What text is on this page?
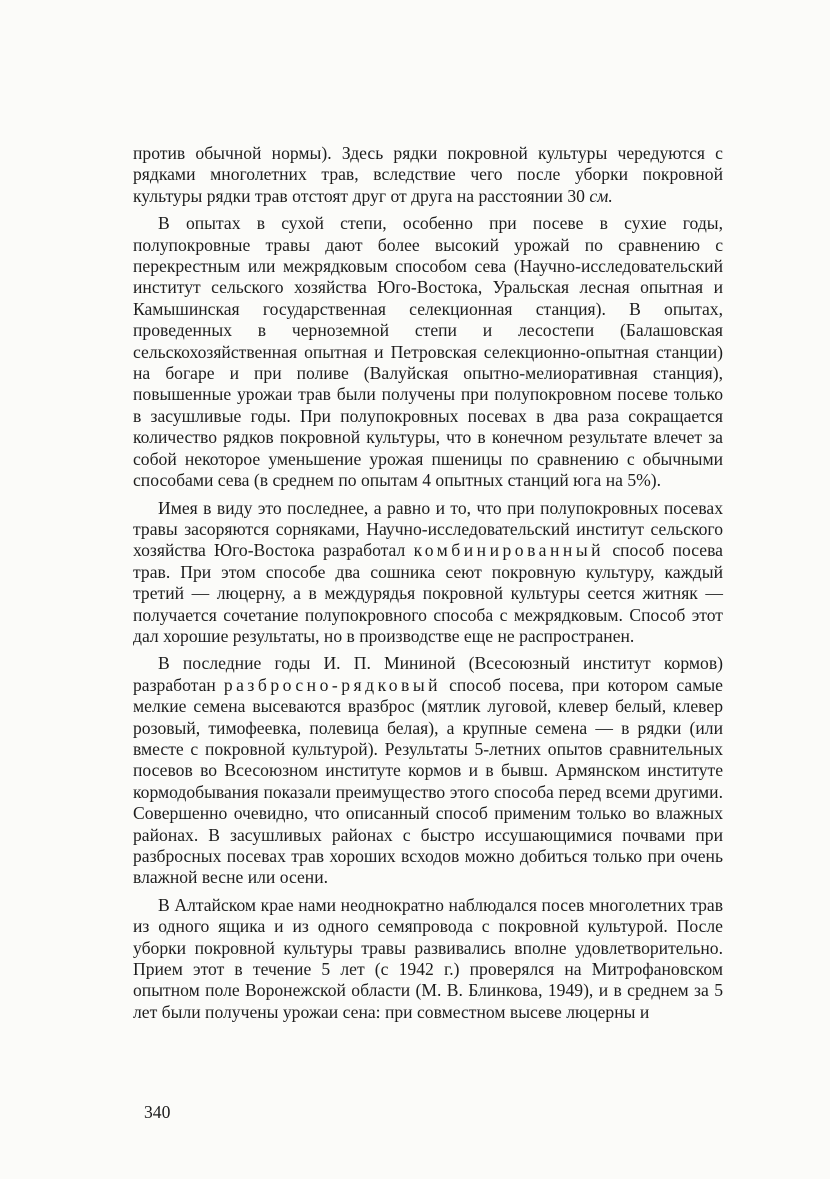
против обычной нормы). Здесь рядки покровной культуры чередуются с рядками многолетних трав, вследствие чего после уборки покровной культуры рядки трав отстоят друг от друга на расстоянии 30 см.

В опытах в сухой степи, особенно при посеве в сухие годы, полупокровные травы дают более высокий урожай по сравнению с перекрестным или межрядковым способом сева (Научно-исследовательский институт сельского хозяйства Юго-Востока, Уральская лесная опытная и Камышинская государственная селекционная станция). В опытах, проведенных в черноземной степи и лесостепи (Балашовская сельскохозяйственная опытная и Петровская селекционно-опытная станции) на богаре и при поливе (Валуйская опытно-мелиоративная станция), повышенные урожаи трав были получены при полупокровном посеве только в засушливые годы. При полупокровных посевах в два раза сокращается количество рядков покровной культуры, что в конечном результате влечет за собой некоторое уменьшение урожая пшеницы по сравнению с обычными способами сева (в среднем по опытам 4 опытных станций юга на 5%).

Имея в виду это последнее, а равно и то, что при полупокровных посевах травы засоряются сорняками, Научно-исследовательский институт сельского хозяйства Юго-Востока разработал комбинированный способ посева трав. При этом способе два сошника сеют покровную культуру, каждый третий — люцерну, а в междурядья покровной культуры сеется житняк — получается сочетание полупокровного способа с межрядковым. Способ этот дал хорошие результаты, но в производстве еще не распространен.

В последние годы И. П. Мининой (Всесоюзный институт кормов) разработан разбросно-рядковый способ посева, при котором самые мелкие семена высеваются вразброс (мятлик луговой, клевер белый, клевер розовый, тимофеевка, полевица белая), а крупные семена — в рядки (или вместе с покровной культурой). Результаты 5-летних опытов сравнительных посевов во Всесоюзном институте кормов и в бывш. Армянском институте кормодобывания показали преимущество этого способа перед всеми другими. Совершенно очевидно, что описанный способ применим только во влажных районах. В засушливых районах с быстро иссушающимися почвами при разбросных посевах трав хороших всходов можно добиться только при очень влажной весне или осени.

В Алтайском крае нами неоднократно наблюдался посев многолетних трав из одного ящика и из одного семяпровода с покровной культурой. После уборки покровной культуры травы развивались вполне удовлетворительно. Прием этот в течение 5 лет (с 1942 г.) проверялся на Митрофановском опытном поле Воронежской области (М. В. Блинкова, 1949), и в среднем за 5 лет были получены урожаи сена: при совместном высеве люцерны и

340
